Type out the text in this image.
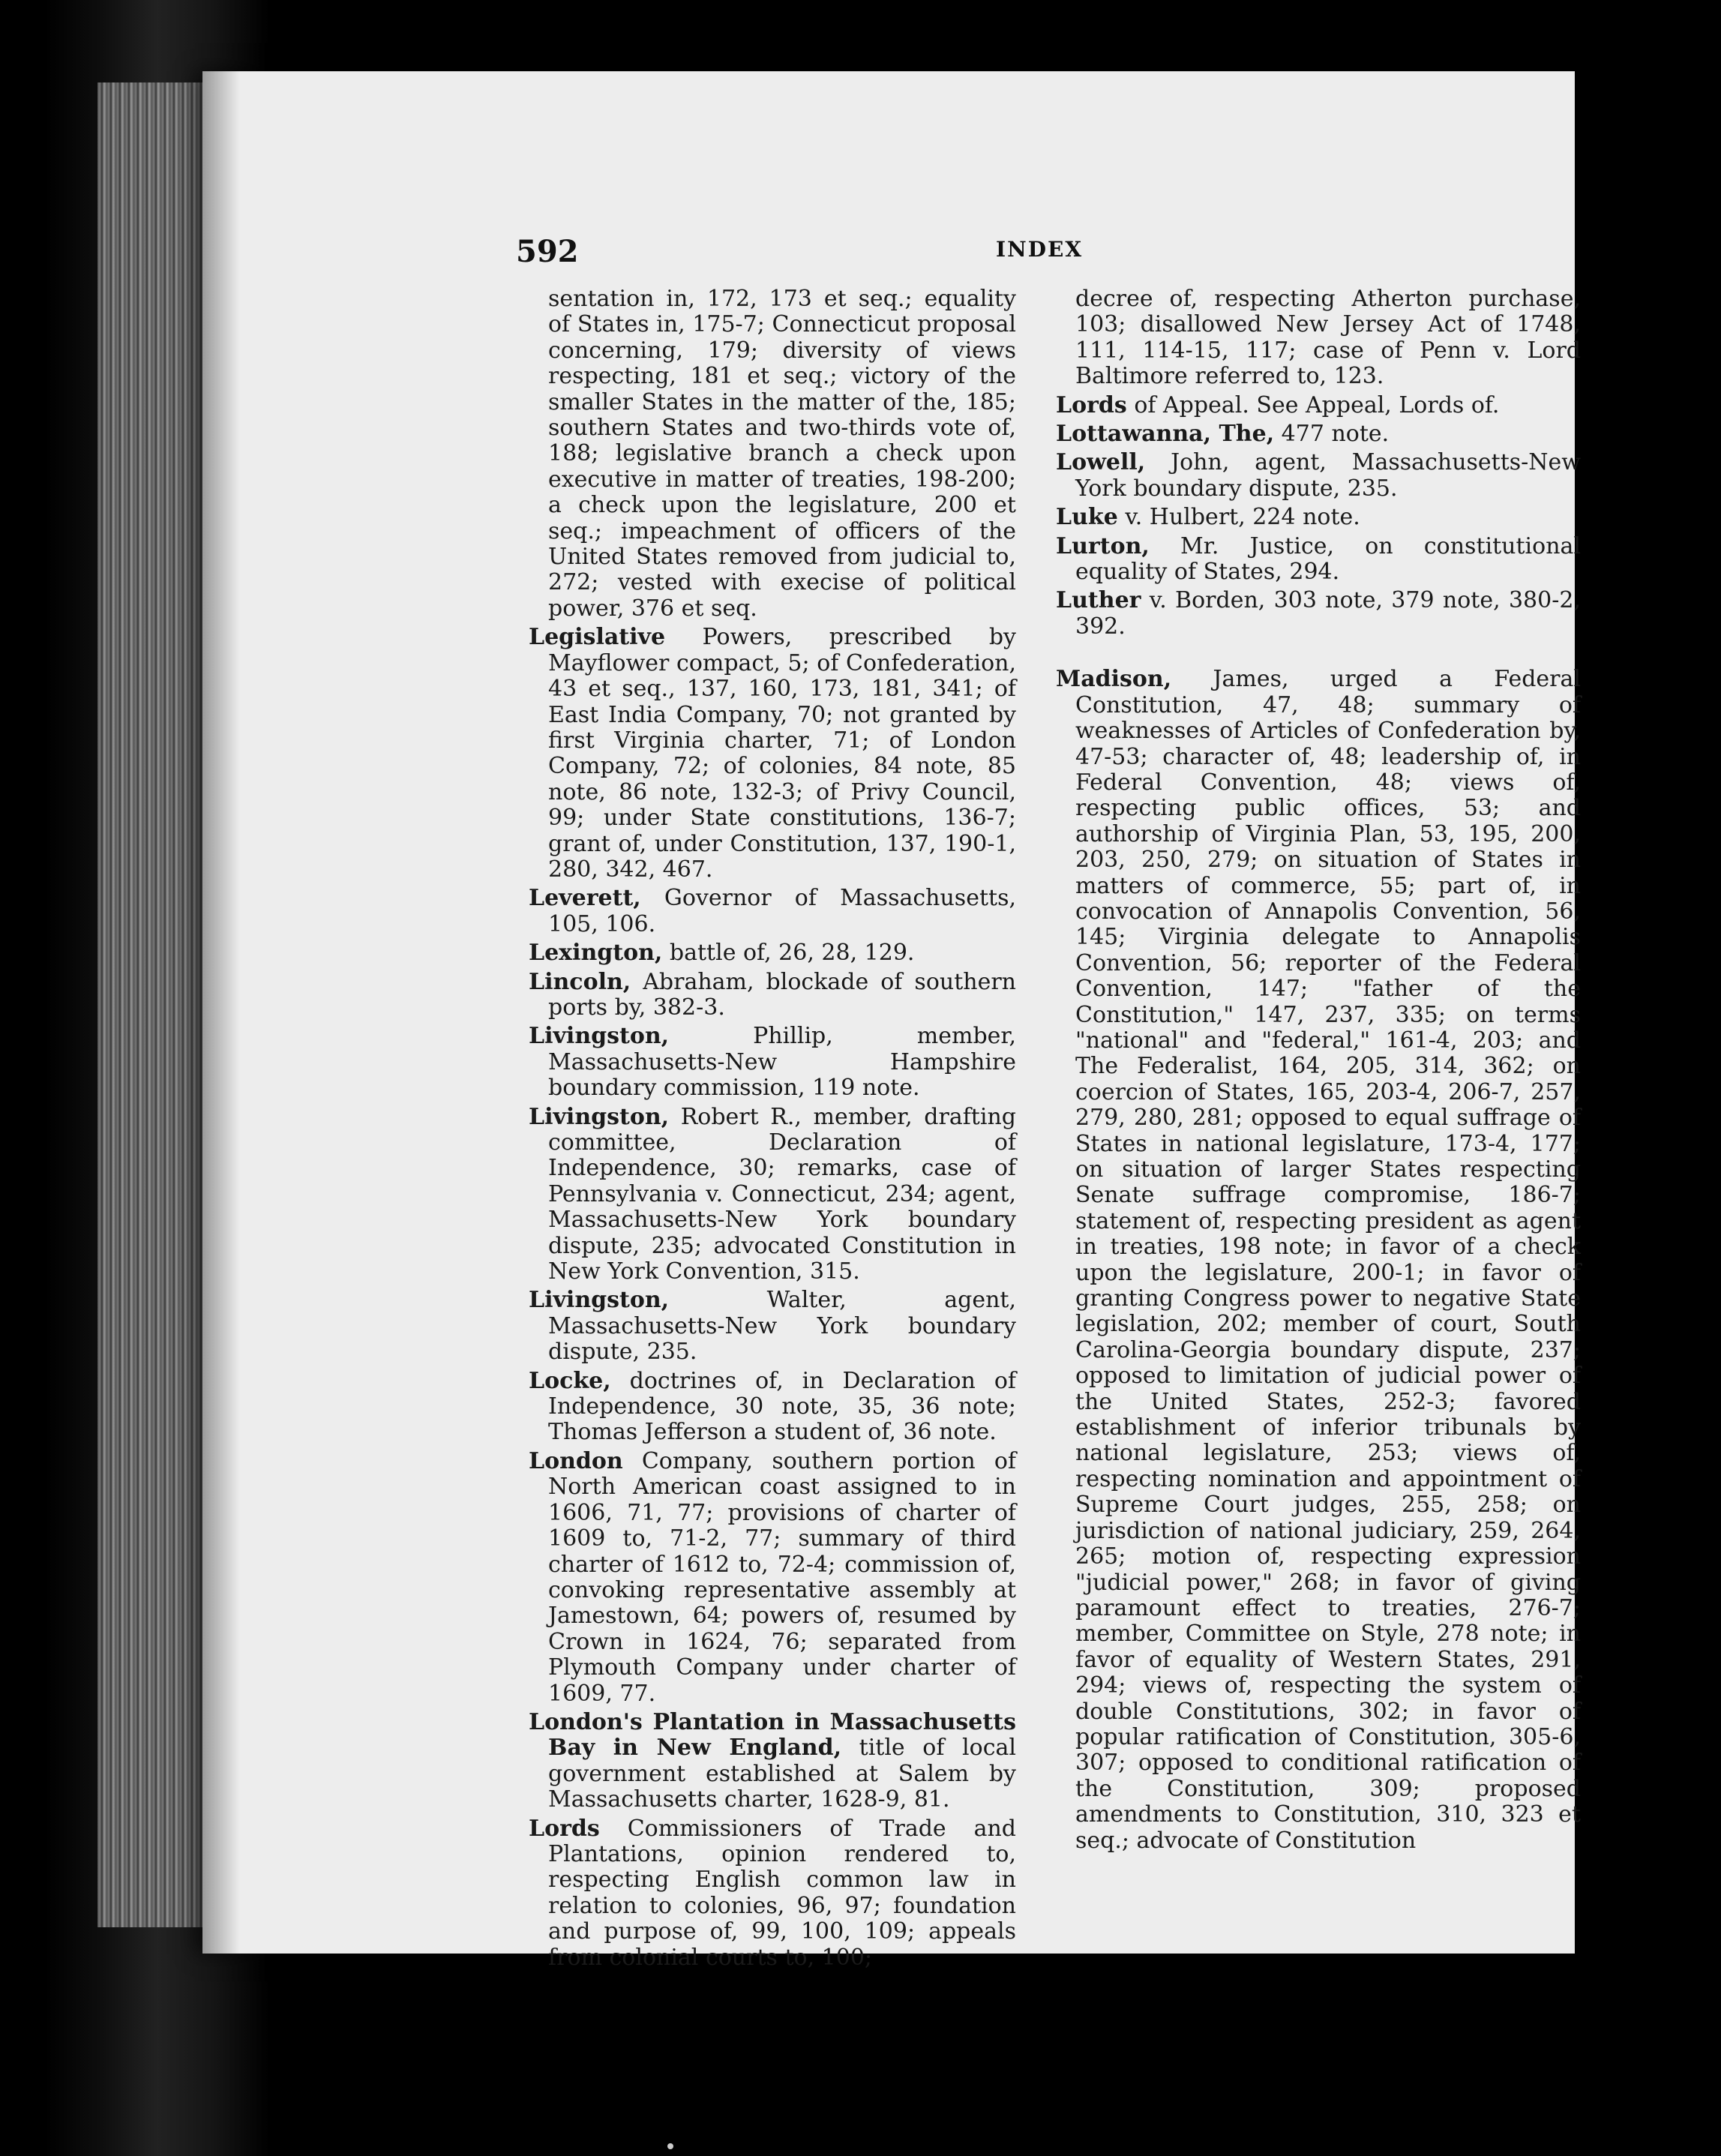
592	INDEX

sentation in, 172, 173 et seq.; equality of States in, 175-7; Connecticut proposal concerning, 179; diversity of views respecting, 181 et seq.; victory of the smaller States in the matter of the, 185; southern States and two-thirds vote of, 188; legislative branch a check upon executive in matter of treaties, 198-200; a check upon the legislature, 200 et seq.; impeachment of officers of the United States removed from judicial to, 272; vested with execise of political power, 376 et seq.

Legislative Powers, prescribed by Mayflower compact, 5; of Confederation, 43 et seq., 137, 160, 173, 181, 341; of East India Company, 70; not granted by first Virginia charter, 71; of London Company, 72; of colonies, 84 note, 85 note, 86 note, 132-3; of Privy Council, 99; under State constitutions, 136-7; grant of, under Constitution, 137, 190-1, 280, 342, 467.

Leverett, Governor of Massachusetts, 105, 106.

Lexington, battle of, 26, 28, 129.

Lincoln, Abraham, blockade of southern ports by, 382-3.

Livingston, Phillip, member, Massachusetts-New Hampshire boundary commission, 119 note.

Livingston, Robert R., member, drafting committee, Declaration of Independence, 30; remarks, case of Pennsylvania v. Connecticut, 234; agent, Massachusetts-New York boundary dispute, 235; advocated Constitution in New York Convention, 315.

Livingston, Walter, agent, Massachusetts-New York boundary dispute, 235.

Locke, doctrines of, in Declaration of Independence, 30 note, 35, 36 note; Thomas Jefferson a student of, 36 note.

London Company, southern portion of North American coast assigned to in 1606, 71, 77; provisions of charter of 1609 to, 71-2, 77; summary of third charter of 1612 to, 72-4; commission of, convoking representative assembly at Jamestown, 64; powers of, resumed by Crown in 1624, 76; separated from Plymouth Company under charter of 1609, 77.

London's Plantation in Massachusetts Bay in New England, title of local government established at Salem by Massachusetts charter, 1628-9, 81.

Lords Commissioners of Trade and Plantations, opinion rendered to, respecting English common law in relation to colonies, 96, 97; foundation and purpose of, 99, 100, 109; appeals from colonial courts to, 100;

decree of, respecting Atherton purchase, 103; disallowed New Jersey Act of 1748, 111, 114-15, 117; case of Penn v. Lord Baltimore referred to, 123.

Lords of Appeal. See Appeal, Lords of.

Lottawanna, The, 477 note.

Lowell, John, agent, Massachusetts-New York boundary dispute, 235.

Luke v. Hulbert, 224 note.

Lurton, Mr. Justice, on constitutional equality of States, 294.

Luther v. Borden, 303 note, 379 note, 380-2, 392.

Madison, James, urged a Federal Constitution, 47, 48; summary of weaknesses of Articles of Confederation by, 47-53; character of, 48; leadership of, in Federal Convention, 48; views of, respecting public offices, 53; and authorship of Virginia Plan, 53, 195, 200, 203, 250, 279; on situation of States in matters of commerce, 55; part of, in convocation of Annapolis Convention, 56, 145; Virginia delegate to Annapolis Convention, 56; reporter of the Federal Convention, 147; "father of the Constitution," 147, 237, 335; on terms "national" and "federal," 161-4, 203; and The Federalist, 164, 205, 314, 362; on coercion of States, 165, 203-4, 206-7, 257, 279, 280, 281; opposed to equal suffrage of States in national legislature, 173-4, 177; on situation of larger States respecting Senate suffrage compromise, 186-7; statement of, respecting president as agent in treaties, 198 note; in favor of a check upon the legislature, 200-1; in favor of granting Congress power to negative State legislation, 202; member of court, South Carolina-Georgia boundary dispute, 237; opposed to limitation of judicial power of the United States, 252-3; favored establishment of inferior tribunals by national legislature, 253; views of, respecting nomination and appointment of Supreme Court judges, 255, 258; on jurisdiction of national judiciary, 259, 264, 265; motion of, respecting expression "judicial power," 268; in favor of giving paramount effect to treaties, 276-7; member, Committee on Style, 278 note; in favor of equality of Western States, 291, 294; views of, respecting the system of double Constitutions, 302; in favor of popular ratification of Constitution, 305-6, 307; opposed to conditional ratification of the Constitution, 309; proposed amendments to Constitution, 310, 323 et seq.; advocate of Constitution
